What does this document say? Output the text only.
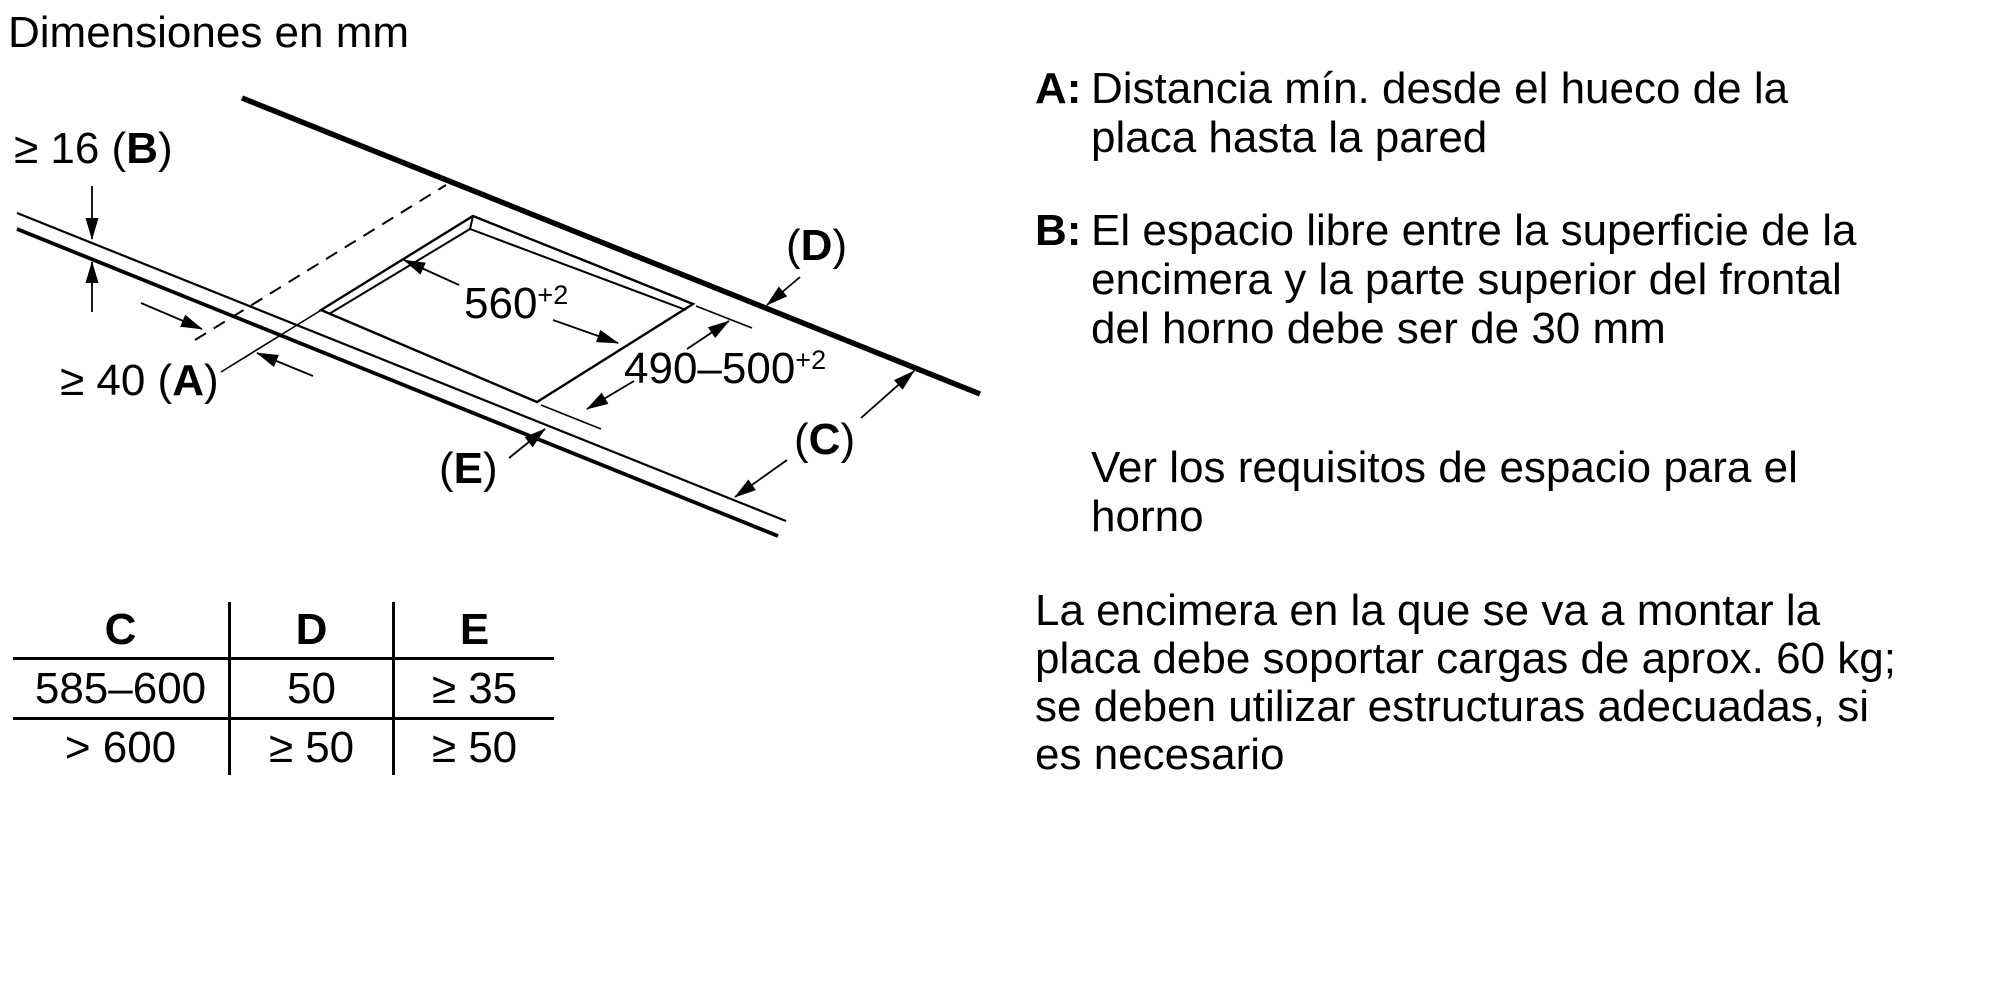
Dimensiones en mm
≥ 16 (B)
≥ 40 (A)
$560^{+2}$
$490-500^{+2}$
(D)
(C)
(E)
C	D	E
585–600	50	≥ 35
> 600	≥ 50	≥ 50
A: Distancia mín. desde el hueco de la
placa hasta la pared
B: El espacio libre entre la superficie de la
encimera y la parte superior del frontal
del horno debe ser de 30 mm
Ver los requisitos de espacio para el
horno
La encimera en la que se va a montar la
placa debe soportar cargas de aprox. 60 kg;
se deben utilizar estructuras adecuadas, si
es necesario
